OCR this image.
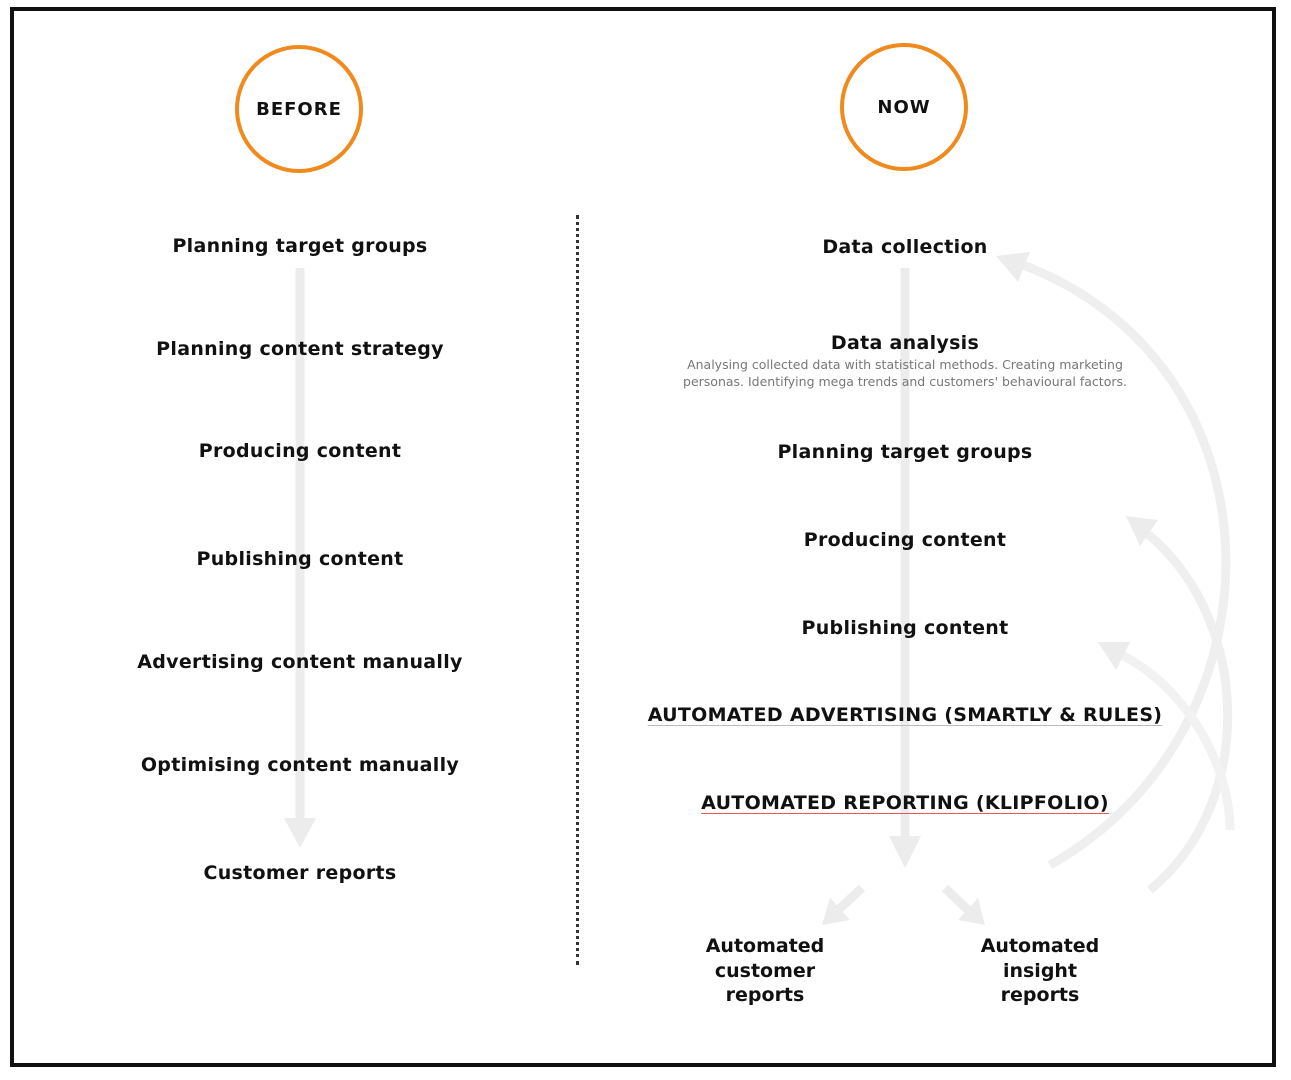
BEFORE
Planning target groups
Planning content strategy
Producing content
Publishing content
Advertising content manually
Optimising content manually
Customer reports
NOW
Data collection
Data analysis
Analysing collected data with statistical methods. Creating marketing
personas. Identifying mega trends and customers' behavioural factors.
Planning target groups
Producing content
Publishing content
AUTOMATED ADVERTISING (SMARTLY & RULES)
AUTOMATED REPORTING (KLIPFOLIO)
Automated
customer
reports
Automated
insight
reports
